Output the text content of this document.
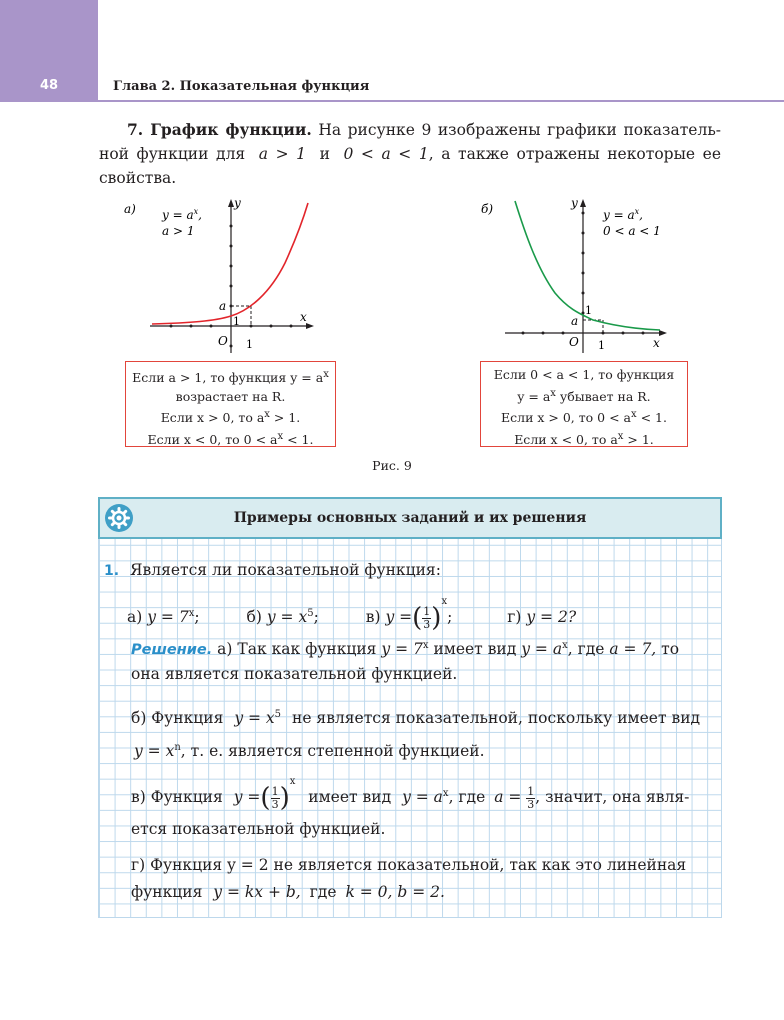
48	Глава 2. Показательная функция
7. График функции. На рисунке 9 изображены графики показатель-ной функции для a > 1 и 0 < a < 1, а также отражены некоторые ее свойства.
а)	y
x
O
a
1
1
$y = a^x$,
a > 1
Если a > 1, то функция $y = a^x$
возрастает на R.
Если x > 0, то $a^x > 1$.
Если x < 0, то $0 < a^x < 1$.
б)	y
x
O
a
1
1
$y = a^x$,
0 < a < 1
Если 0 < a < 1, то функция
$y = a^x$ убывает на R.
Если x > 0, то $0 < a^x < 1$.
Если x < 0, то $a^x > 1$.
Рис. 9
Примеры основных заданий и их решения
1. Является ли показательной функция:
а) $y = 7^x$;	б) $y = x^5$;	в) y =( $\frac{1}{3} )^x$;	г) y = 2?
Решение. а) Так как функция $y = 7^x$ имеет вид $y = a^x$, где a = 7, то
она является показательной функцией.
б) Функция $y = x^5$ не является показательной, поскольку имеет вид
$y = x^n$, т. е. является степенной функцией.
в) Функция y =( $\frac{1}{3} )^x$ имеет вид $y = a^x$, где $a = \frac{1}{3}$ , значит, она явля-
ется показательной функцией.
г) Функция y = 2 не является показательной, так как это линейная
функция y = kx + b, где k = 0, b = 2.
